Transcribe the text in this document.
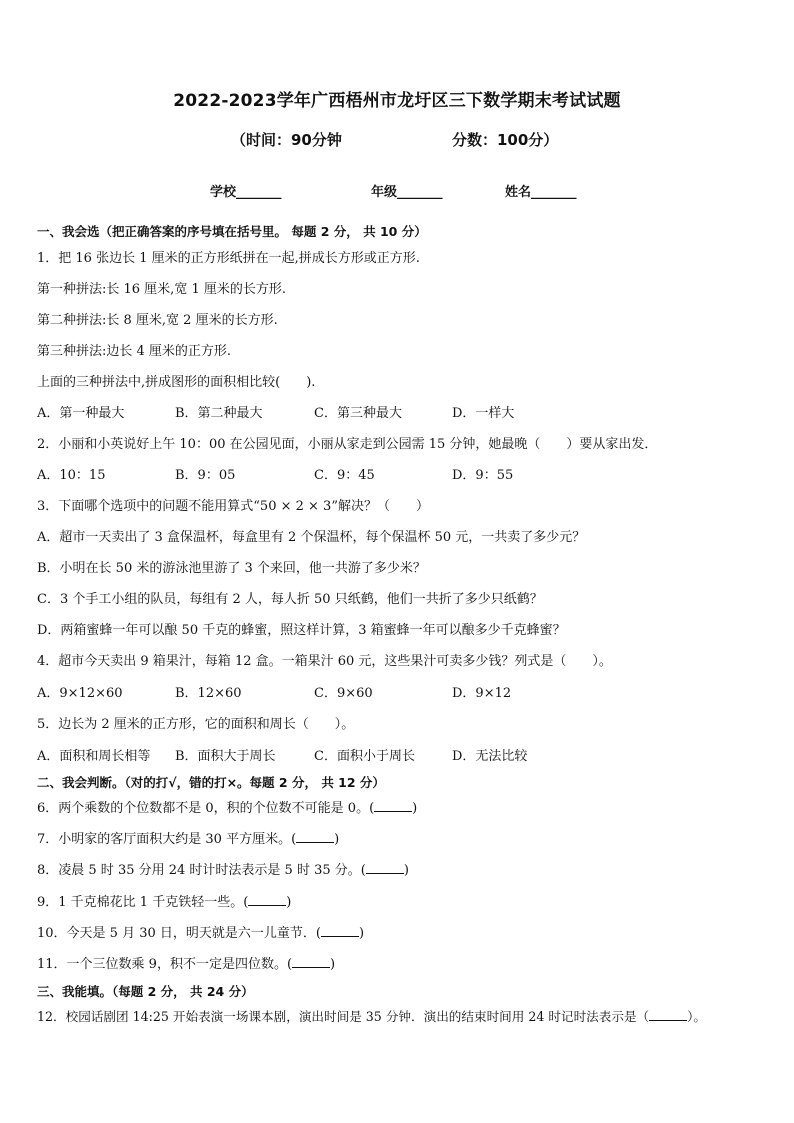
2022-2023学年广西梧州市龙圩区三下数学期末考试试题
（时间：90分钟	分数：100分）
学校_______	年级_______	姓名_______
一、我会选（把正确答案的序号填在括号里。 每题 2 分， 共 10 分）
1．把 16 张边长 1 厘米的正方形纸拼在一起,拼成长方形或正方形.
第一种拼法:长 16 厘米,宽 1 厘米的长方形.
第二种拼法:长 8 厘米,宽 2 厘米的长方形.
第三种拼法:边长 4 厘米的正方形.
上面的三种拼法中,拼成图形的面积相比较(　　).
A．第一种最大	B．第二种最大	C．第三种最大	D．一样大
2．小丽和小英说好上午 10：00 在公园见面，小丽从家走到公园需 15 分钟，她最晚（　　）要从家出发．
A．10：15	B．9：05	C．9：45	D．9：55
3．下面哪个选项中的问题不能用算式“50 × 2 × 3”解决？（　　）
A．超市一天卖出了 3 盒保温杯，每盒里有 2 个保温杯，每个保温杯 50 元，一共卖了多少元？
B．小明在长 50 米的游泳池里游了 3 个来回，他一共游了多少米？
C．3 个手工小组的队员，每组有 2 人，每人折 50 只纸鹤，他们一共折了多少只纸鹤？
D．两箱蜜蜂一年可以酿 50 千克的蜂蜜，照这样计算，3 箱蜜蜂一年可以酿多少千克蜂蜜？
4．超市今天卖出 9 箱果汁，每箱 12 盒。一箱果汁 60 元，这些果汁可卖多少钱？列式是（　　）。
A．9×12×60	B．12×60	C．9×60	D．9×12
5．边长为 2 厘米的正方形，它的面积和周长（　　）。
A．面积和周长相等 B．面积大于周长	C．面积小于周长	D．无法比较
二、我会判断。（对的打√，错的打×。每题 2 分， 共 12 分）
6．两个乘数的个位数都不是 0，积的个位数不可能是 0。(	)
7．小明家的客厅面积大约是 30 平方厘米。(	)
8．凌晨 5 时 35 分用 24 时计时法表示是 5 时 35 分。(	)
9．1 千克棉花比 1 千克铁轻一些。(	)
10．今天是 5 月 30 日，明天就是六一儿童节．(	)
11．一个三位数乘 9，积不一定是四位数。(	)
三、我能填。（每题 2 分， 共 24 分）
12．校园话剧团 14:25 开始表演一场课本剧，演出时间是 35 分钟．演出的结束时间用 24 时记时法表示是（	）。
